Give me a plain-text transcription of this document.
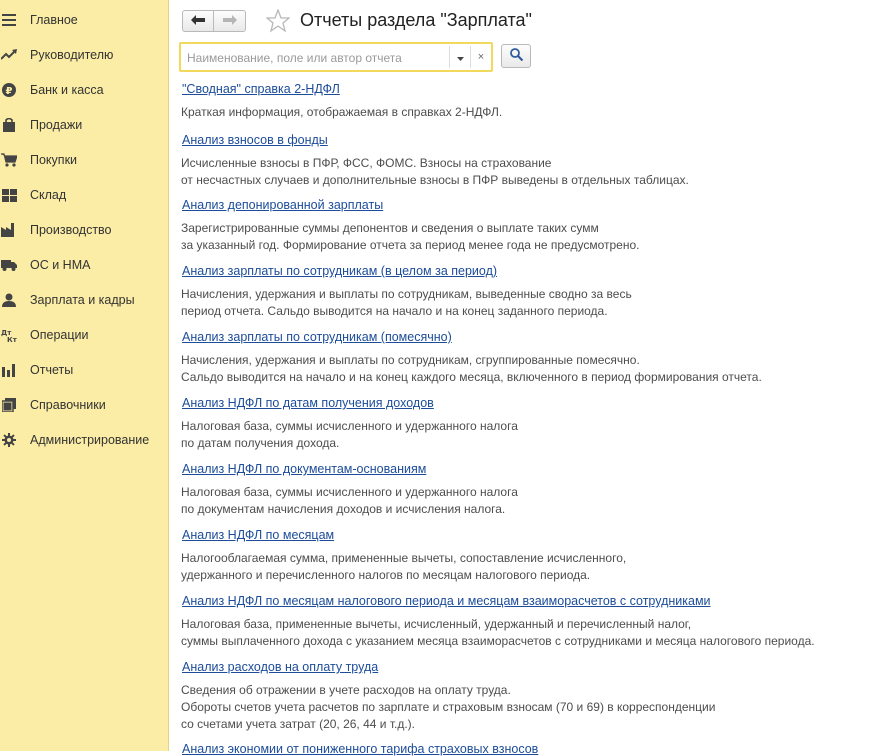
Главное
Руководителю
₽ Банк и касса
Продажи
Покупки
Склад
Производство
ОС и НМА
Зарплата и кадры
Дт
Кт Операции
Отчеты
Справочники
Администрирование
Отчеты раздела "Зарплата"
Наименование, поле или автор отчета
×
"Сводная" справка 2-НДФЛ
Краткая информация, отображаемая в справках 2-НДФЛ.
Анализ взносов в фонды
Исчисленные взносы в ПФР, ФСС, ФОМС. Взносы на страхование
от несчастных случаев и дополнительные взносы в ПФР выведены в отдельных таблицах.
Анализ депонированной зарплаты
Зарегистрированные суммы депонентов и сведения о выплате таких сумм
за указанный год. Формирование отчета за период менее года не предусмотрено.
Анализ зарплаты по сотрудникам (в целом за период)
Начисления, удержания и выплаты по сотрудникам, выведенные сводно за весь
период отчета. Сальдо выводится на начало и на конец заданного периода.
Анализ зарплаты по сотрудникам (помесячно)
Начисления, удержания и выплаты по сотрудникам, сгруппированные помесячно.
Сальдо выводится на начало и на конец каждого месяца, включенного в период формирования отчета.
Анализ НДФЛ по датам получения доходов
Налоговая база, суммы исчисленного и удержанного налога
по датам получения дохода.
Анализ НДФЛ по документам-основаниям
Налоговая база, суммы исчисленного и удержанного налога
по документам начисления доходов и исчисления налога.
Анализ НДФЛ по месяцам
Налогооблагаемая сумма, примененные вычеты, сопоставление исчисленного,
удержанного и перечисленного налогов по месяцам налогового периода.
Анализ НДФЛ по месяцам налогового периода и месяцам взаиморасчетов с сотрудниками
Налоговая база, примененные вычеты, исчисленный, удержанный и перечисленный налог,
суммы выплаченного дохода с указанием месяца взаиморасчетов с сотрудниками и месяца налогового периода.
Анализ расходов на оплату труда
Сведения об отражении в учете расходов на оплату труда.
Обороты счетов учета расчетов по зарплате и страховым взносам (70 и 69) в корреспонденции
со счетами учета затрат (20, 26, 44 и т.д.).
Анализ экономии от пониженного тарифа страховых взносов
